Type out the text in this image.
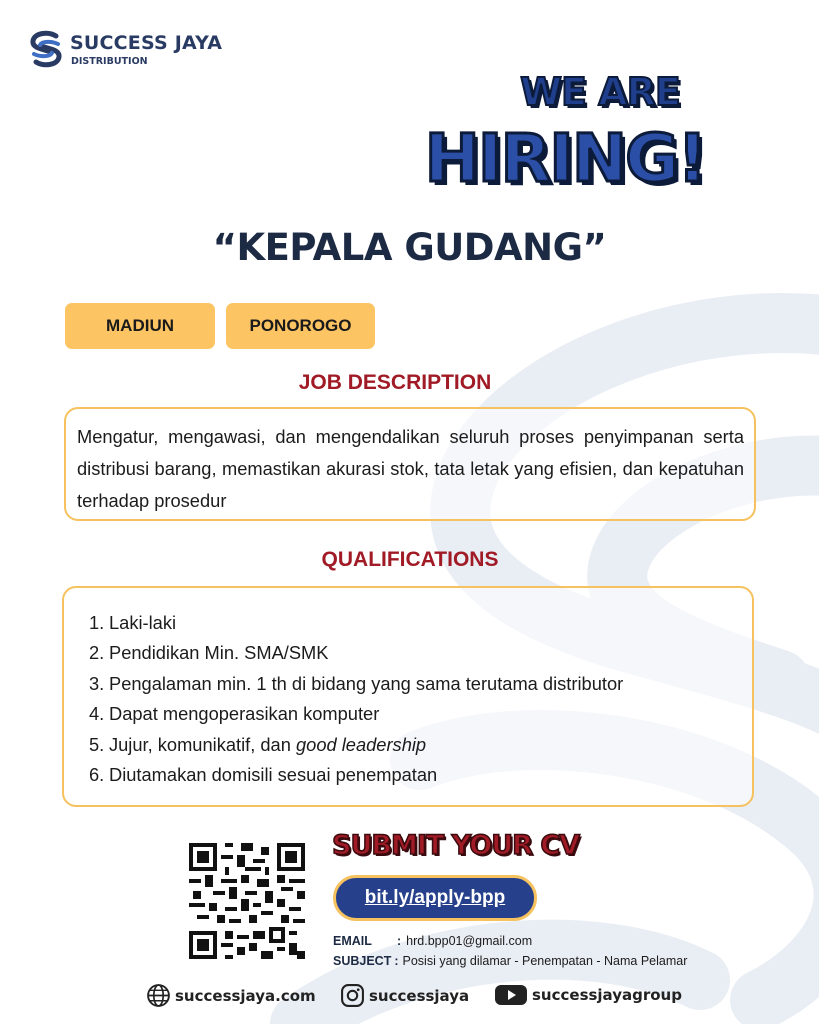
SUCCESS JAYA
DISTRIBUTION
WE ARE
HIRING!
“KEPALA GUDANG”
MADIUN	PONOROGO
JOB DESCRIPTION

Mengatur, mengawasi, dan mengendalikan seluruh proses penyimpanan serta distribusi barang, memastikan akurasi stok, tata letak yang efisien, dan kepatuhan terhadap prosedur

QUALIFICATIONS
1. Laki-laki
2. Pendidikan Min. SMA/SMK
3. Pengalaman min. 1 th di bidang yang sama terutama distributor
4. Dapat mengoperasikan komputer
5. Jujur, komunikatif, dan good leadership
6. Diutamakan domisili sesuai penempatan
SUBMIT YOUR CV
bit.ly/apply-bpp
EMAIL	: hrd.bpp01@gmail.com
SUBJECT : Posisi yang dilamar - Penempatan - Nama Pelamar
successjaya.com	successjaya	successjayagroup
